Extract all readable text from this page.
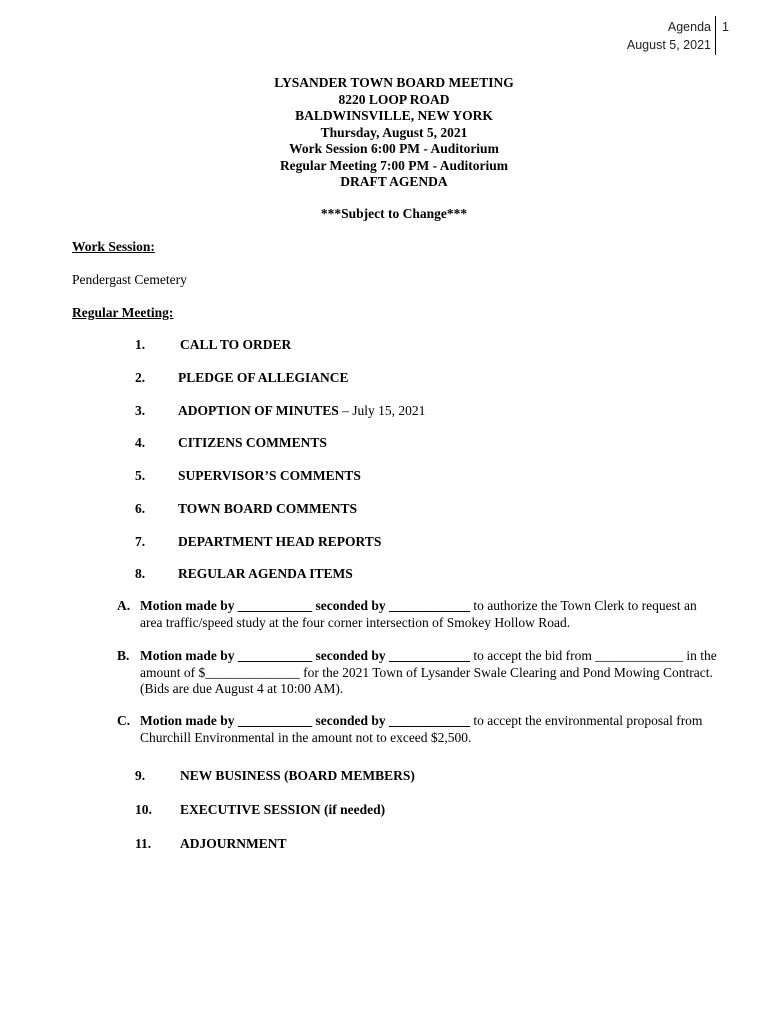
Agenda
August 5, 2021
1
LYSANDER TOWN BOARD MEETING
8220 LOOP ROAD
BALDWINSVILLE, NEW YORK
Thursday, August 5, 2021
Work Session 6:00 PM - Auditorium
Regular Meeting 7:00 PM - Auditorium
DRAFT AGENDA
***Subject to Change***
Work Session:
Pendergast Cemetery
Regular Meeting:
1.	CALL TO ORDER
2. PLEDGE OF ALLEGIANCE
3. ADOPTION OF MINUTES – July 15, 2021
4. CITIZENS COMMENTS
5. SUPERVISOR’S COMMENTS
6. TOWN BOARD COMMENTS
7. DEPARTMENT HEAD REPORTS
8. REGULAR AGENDA ITEMS
A. Motion made by ___________ seconded by ____________ to authorize the Town Clerk to request an area traffic/speed study at the four corner intersection of Smokey Hollow Road.
B. Motion made by ___________ seconded by ____________ to accept the bid from _____________ in the amount of $______________ for the 2021 Town of Lysander Swale Clearing and Pond Mowing Contract. (Bids are due August 4 at 10:00 AM).
C. Motion made by ___________ seconded by ____________ to accept the environmental proposal from Churchill Environmental in the amount not to exceed $2,500.
9.	NEW BUSINESS (BOARD MEMBERS)
10. EXECUTIVE SESSION (if needed)
11. ADJOURNMENT
